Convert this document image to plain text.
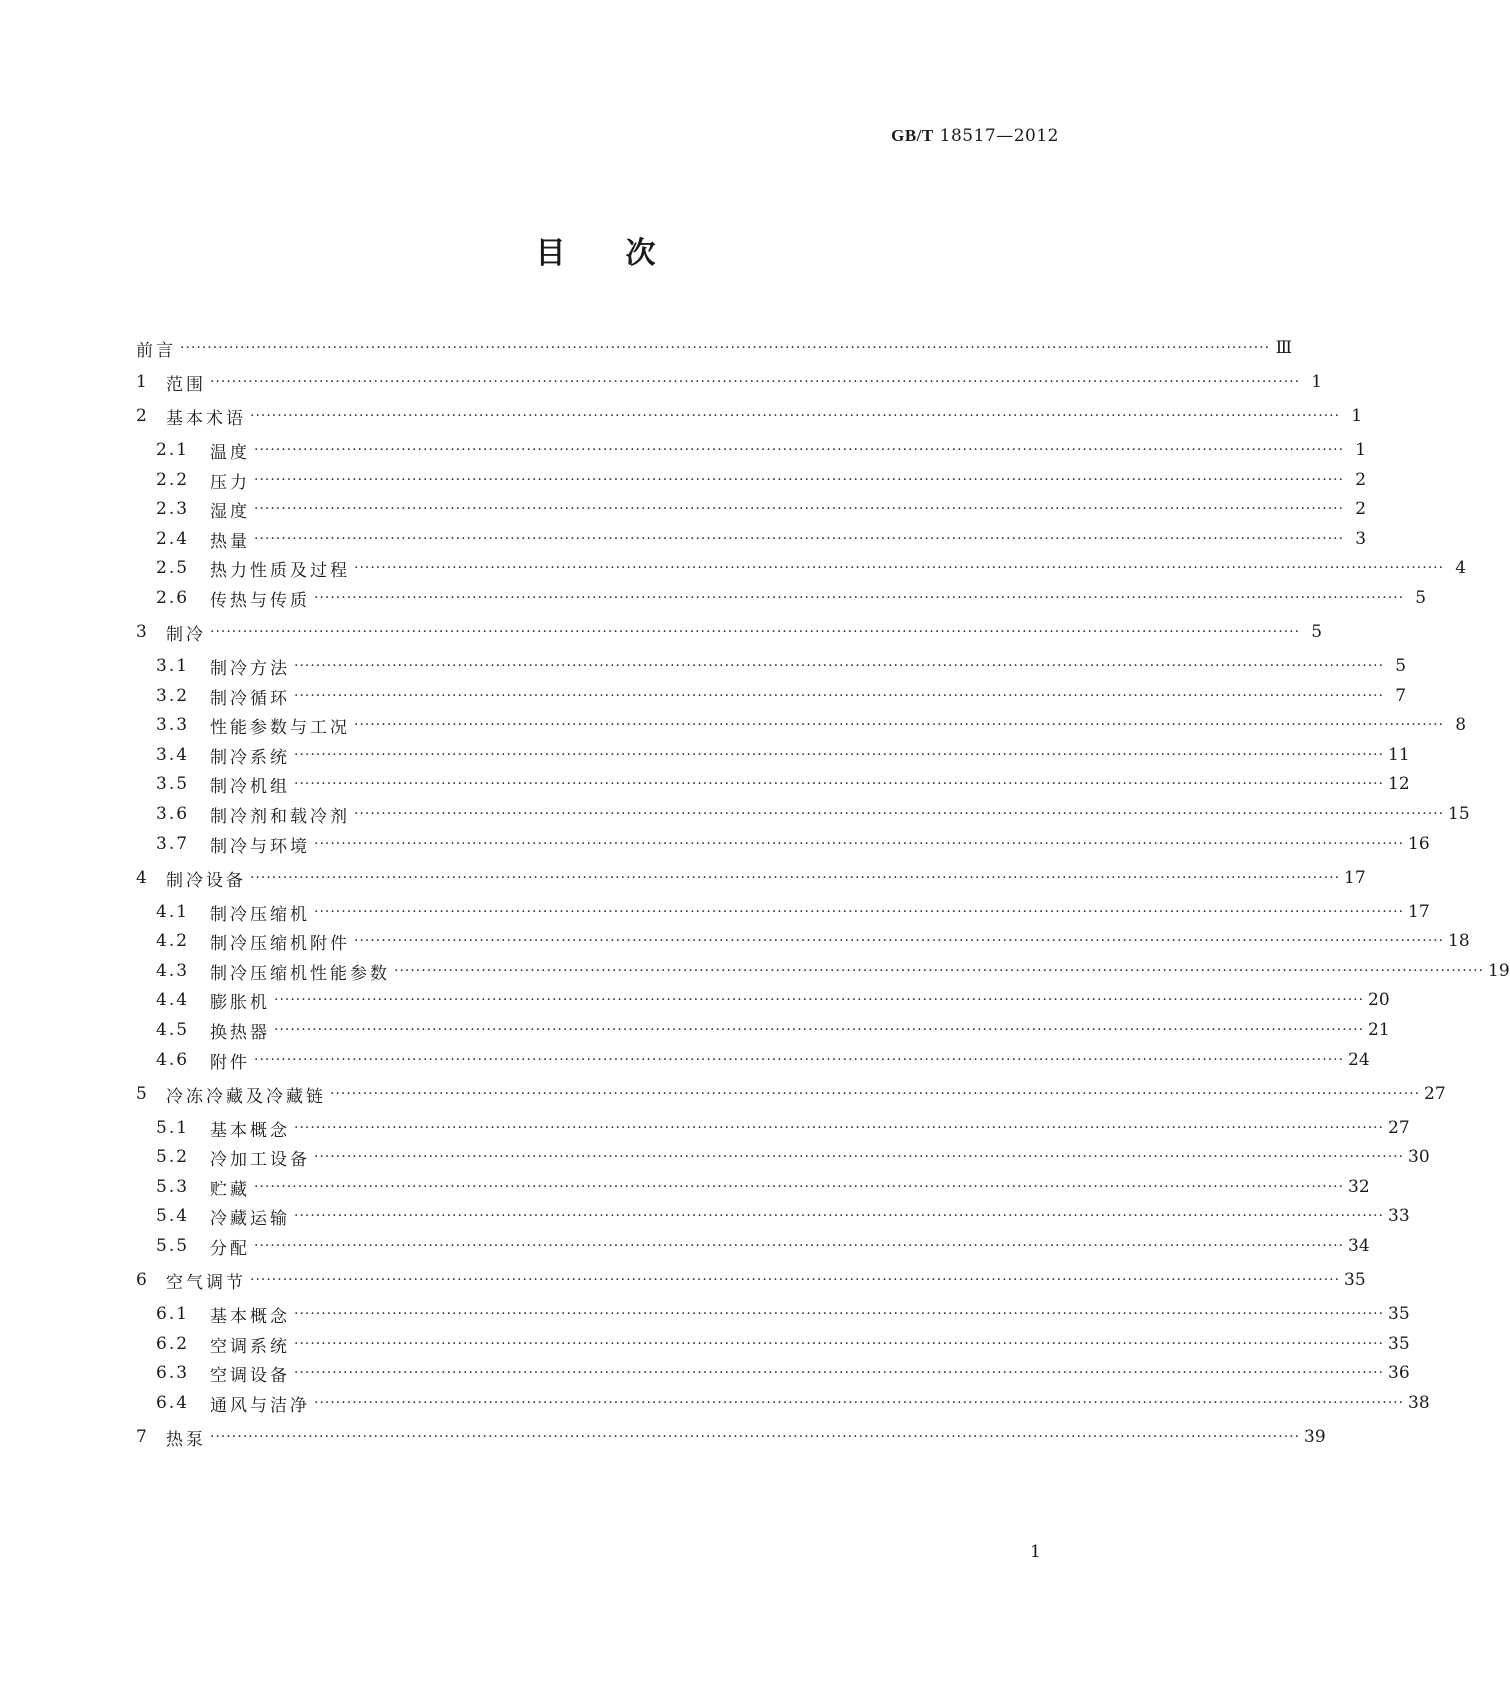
GB/T 18517—2012
目次
前言 ········································································································································································································ Ⅲ
1	范围 ········································································································································································································ 1
2	基本术语 ········································································································································································································ 1
2.1	温度 ········································································································································································································ 1
2.2	压力 ········································································································································································································ 2
2.3	湿度 ········································································································································································································ 2
2.4	热量 ········································································································································································································ 3
2.5	热力性质及过程 ········································································································································································································ 4
2.6	传热与传质 ········································································································································································································ 5
3	制冷 ········································································································································································································ 5
3.1	制冷方法 ········································································································································································································ 5
3.2	制冷循环 ········································································································································································································ 7
3.3	性能参数与工况 ········································································································································································································ 8
3.4	制冷系统 ········································································································································································································ 11
3.5	制冷机组 ········································································································································································································ 12
3.6	制冷剂和载冷剂 ········································································································································································································ 15
3.7	制冷与环境 ········································································································································································································ 16
4	制冷设备 ········································································································································································································ 17
4.1	制冷压缩机 ········································································································································································································ 17
4.2	制冷压缩机附件 ········································································································································································································ 18
4.3	制冷压缩机性能参数 ········································································································································································································ 19
4.4	膨胀机 ········································································································································································································ 20
4.5	换热器 ········································································································································································································ 21
4.6	附件 ········································································································································································································ 24
5	冷冻冷藏及冷藏链 ········································································································································································································ 27
5.1	基本概念 ········································································································································································································ 27
5.2	冷加工设备 ········································································································································································································ 30
5.3	贮藏 ········································································································································································································ 32
5.4	冷藏运输 ········································································································································································································ 33
5.5	分配 ········································································································································································································ 34
6	空气调节 ········································································································································································································ 35
6.1	基本概念 ········································································································································································································ 35
6.2	空调系统 ········································································································································································································ 35
6.3	空调设备 ········································································································································································································ 36
6.4	通风与洁净 ········································································································································································································ 38
7	热泵 ········································································································································································································ 39
1
